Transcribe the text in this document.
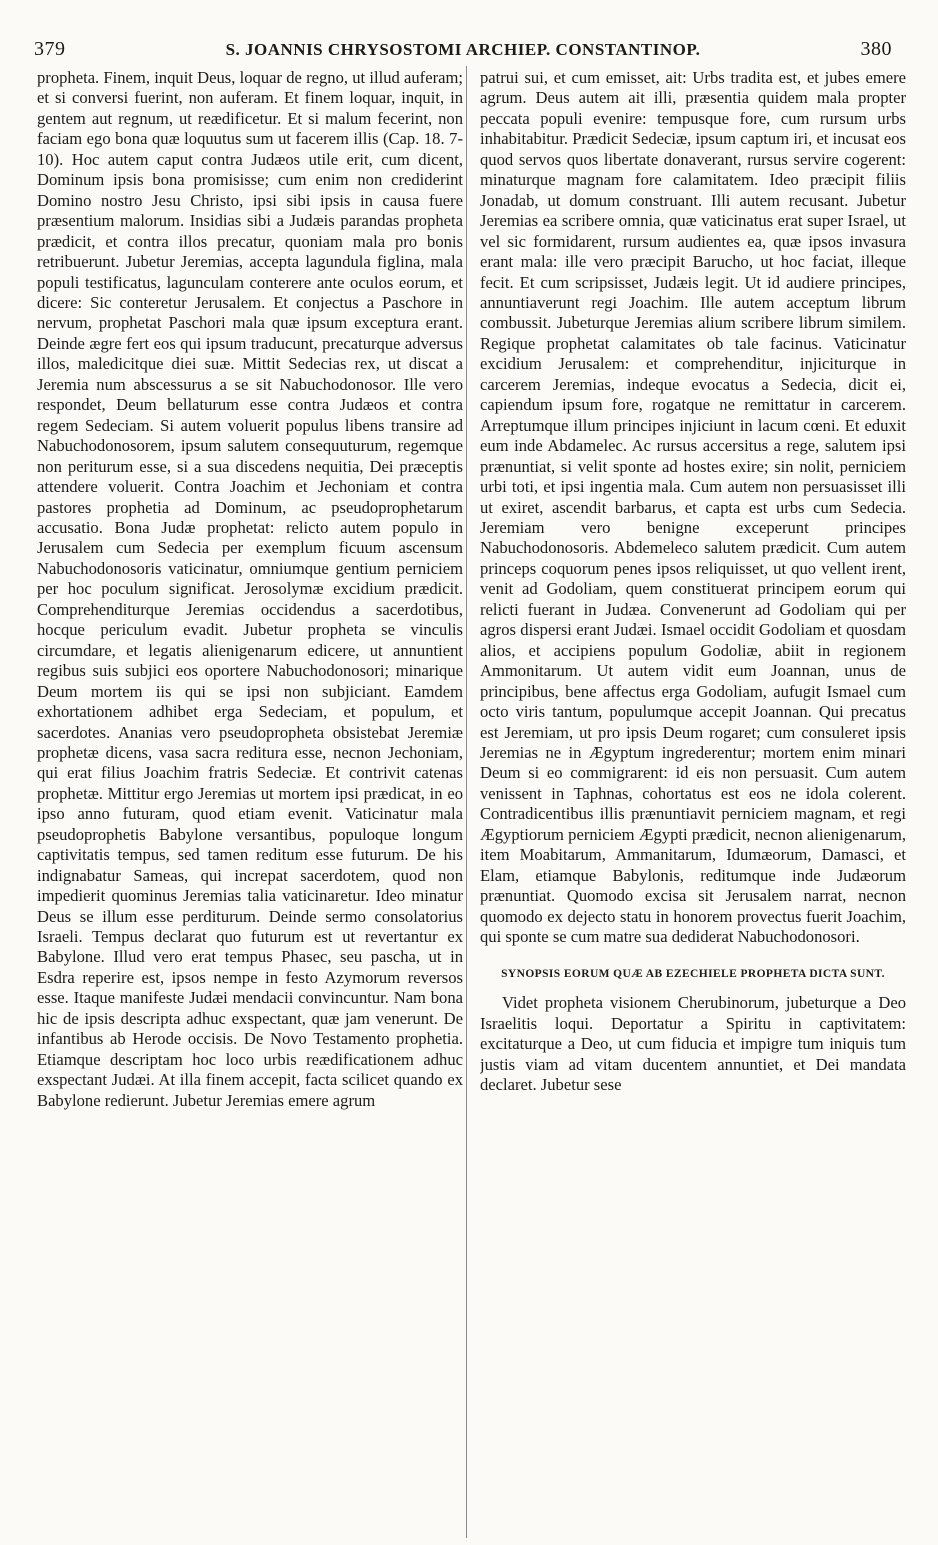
379	S. JOANNIS CHRYSOSTOMI ARCHIEP. CONSTANTINOP.	380

propheta. Finem, inquit Deus, loquar de regno, ut illud auferam; et si conversi fuerint, non auferam. Et finem loquar, inquit, in gentem aut regnum, ut reædificetur. Et si malum fecerint, non faciam ego bona quæ loquutus sum ut facerem illis (Cap. 18. 7-10). Hoc autem caput contra Judæos utile erit, cum dicent, Dominum ipsis bona promisisse; cum enim non crediderint Domino nostro Jesu Christo, ipsi sibi ipsis in causa fuere præsentium malorum. Insidias sibi a Judæis parandas propheta prædicit, et contra illos precatur, quoniam mala pro bonis retribuerunt. Jubetur Jeremias, accepta lagundula figlina, mala populi testificatus, lagunculam conterere ante oculos eorum, et dicere: Sic conteretur Jerusalem. Et conjectus a Paschore in nervum, prophetat Paschori mala quæ ipsum exceptura erant. Deinde ægre fert eos qui ipsum traducunt, precaturque adversus illos, maledicitque diei suæ. Mittit Sedecias rex, ut discat a Jeremia num abscessurus a se sit Nabuchodonosor. Ille vero respondet, Deum bellaturum esse contra Judæos et contra regem Sedeciam. Si autem voluerit populus libens transire ad Nabuchodonosorem, ipsum salutem consequuturum, regemque non periturum esse, si a sua discedens nequitia, Dei præceptis attendere voluerit. Contra Joachim et Jechoniam et contra pastores prophetia ad Dominum, ac pseudoprophetarum accusatio. Bona Judæ prophetat: relicto autem populo in Jerusalem cum Sedecia per exemplum ficuum ascensum Nabuchodonosoris vaticinatur, omniumque gentium perniciem per hoc poculum significat. Jerosolymæ excidium prædicit. Comprehenditurque Jeremias occidendus a sacerdotibus, hocque periculum evadit. Jubetur propheta se vinculis circumdare, et legatis alienigenarum edicere, ut annuntient regibus suis subjici eos oportere Nabuchodonosori; minarique Deum mortem iis qui se ipsi non subjiciant. Eamdem exhortationem adhibet erga Sedeciam, et populum, et sacerdotes. Ananias vero pseudopropheta obsistebat Jeremiæ prophetæ dicens, vasa sacra reditura esse, necnon Jechoniam, qui erat filius Joachim fratris Sedeciæ. Et contrivit catenas prophetæ. Mittitur ergo Jeremias ut mortem ipsi prædicat, in eo ipso anno futuram, quod etiam evenit. Vaticinatur mala pseudoprophetis Babylone versantibus, populoque longum captivitatis tempus, sed tamen reditum esse futurum. De his indignabatur Sameas, qui increpat sacerdotem, quod non impedierit quominus Jeremias talia vaticinaretur. Ideo minatur Deus se illum esse perditurum. Deinde sermo consolatorius Israeli. Tempus declarat quo futurum est ut revertantur ex Babylone. Illud vero erat tempus Phasec, seu pascha, ut in Esdra reperire est, ipsos nempe in festo Azymorum reversos esse. Itaque manifeste Judæi mendacii convincuntur. Nam bona hic de ipsis descripta adhuc exspectant, quæ jam venerunt. De infantibus ab Herode occisis. De Novo Testamento prophetia. Etiamque descriptam hoc loco urbis reædificationem adhuc exspectant Judæi. At illa finem accepit, facta scilicet quando ex Babylone redierunt. Jubetur Jeremias emere agrum

patrui sui, et cum emisset, ait: Urbs tradita est, et jubes emere agrum. Deus autem ait illi, præsentia quidem mala propter peccata populi evenire: tempusque fore, cum rursum urbs inhabitabitur. Prædicit Sedeciæ, ipsum captum iri, et incusat eos quod servos quos libertate donaverant, rursus servire cogerent: minaturque magnam fore calamitatem. Ideo præcipit filiis Jonadab, ut domum construant. Illi autem recusant. Jubetur Jeremias ea scribere omnia, quæ vaticinatus erat super Israel, ut vel sic formidarent, rursum audientes ea, quæ ipsos invasura erant mala: ille vero præcipit Barucho, ut hoc faciat, illeque fecit. Et cum scripsisset, Judæis legit. Ut id audiere principes, annuntiaverunt regi Joachim. Ille autem acceptum librum combussit. Jubeturque Jeremias alium scribere librum similem. Regique prophetat calamitates ob tale facinus. Vaticinatur excidium Jerusalem: et comprehenditur, injiciturque in carcerem Jeremias, indeque evocatus a Sedecia, dicit ei, capiendum ipsum fore, rogatque ne remittatur in carcerem. Arreptumque illum principes injiciunt in lacum cœni. Et eduxit eum inde Abdamelec. Ac rursus accersitus a rege, salutem ipsi prænuntiat, si velit sponte ad hostes exire; sin nolit, perniciem urbi toti, et ipsi ingentia mala. Cum autem non persuasisset illi ut exiret, ascendit barbarus, et capta est urbs cum Sedecia. Jeremiam vero benigne exceperunt principes Nabuchodonosoris. Abdemeleco salutem prædicit. Cum autem princeps coquorum penes ipsos reliquisset, ut quo vellent irent, venit ad Godoliam, quem constituerat principem eorum qui relicti fuerant in Judæa. Convenerunt ad Godoliam qui per agros dispersi erant Judæi. Ismael occidit Godoliam et quosdam alios, et accipiens populum Godoliæ, abiit in regionem Ammonitarum. Ut autem vidit eum Joannan, unus de principibus, bene affectus erga Godoliam, aufugit Ismael cum octo viris tantum, populumque accepit Joannan. Qui precatus est Jeremiam, ut pro ipsis Deum rogaret; cum consuleret ipsis Jeremias ne in Ægyptum ingrederentur; mortem enim minari Deum si eo commigrarent: id eis non persuasit. Cum autem venissent in Taphnas, cohortatus est eos ne idola colerent. Contradicentibus illis prænuntiavit perniciem magnam, et regi Ægyptiorum perniciem Ægypti prædicit, necnon alienigenarum, item Moabitarum, Ammanitarum, Idumæorum, Damasci, et Elam, etiamque Babylonis, reditumque inde Judæorum prænuntiat. Quomodo excisa sit Jerusalem narrat, necnon quomodo ex dejecto statu in honorem provectus fuerit Joachim, qui sponte se cum matre sua dediderat Nabuchodonosori.

SYNOPSIS EORUM QUÆ AB EZECHIELE PROPHETA DICTA SUNT.

Videt propheta visionem Cherubinorum, jubeturque a Deo Israelitis loqui. Deportatur a Spiritu in captivitatem: excitaturque a Deo, ut cum fiducia et impigre tum iniquis tum justis viam ad vitam ducentem annuntiet, et Dei mandata declaret. Jubetur sese
